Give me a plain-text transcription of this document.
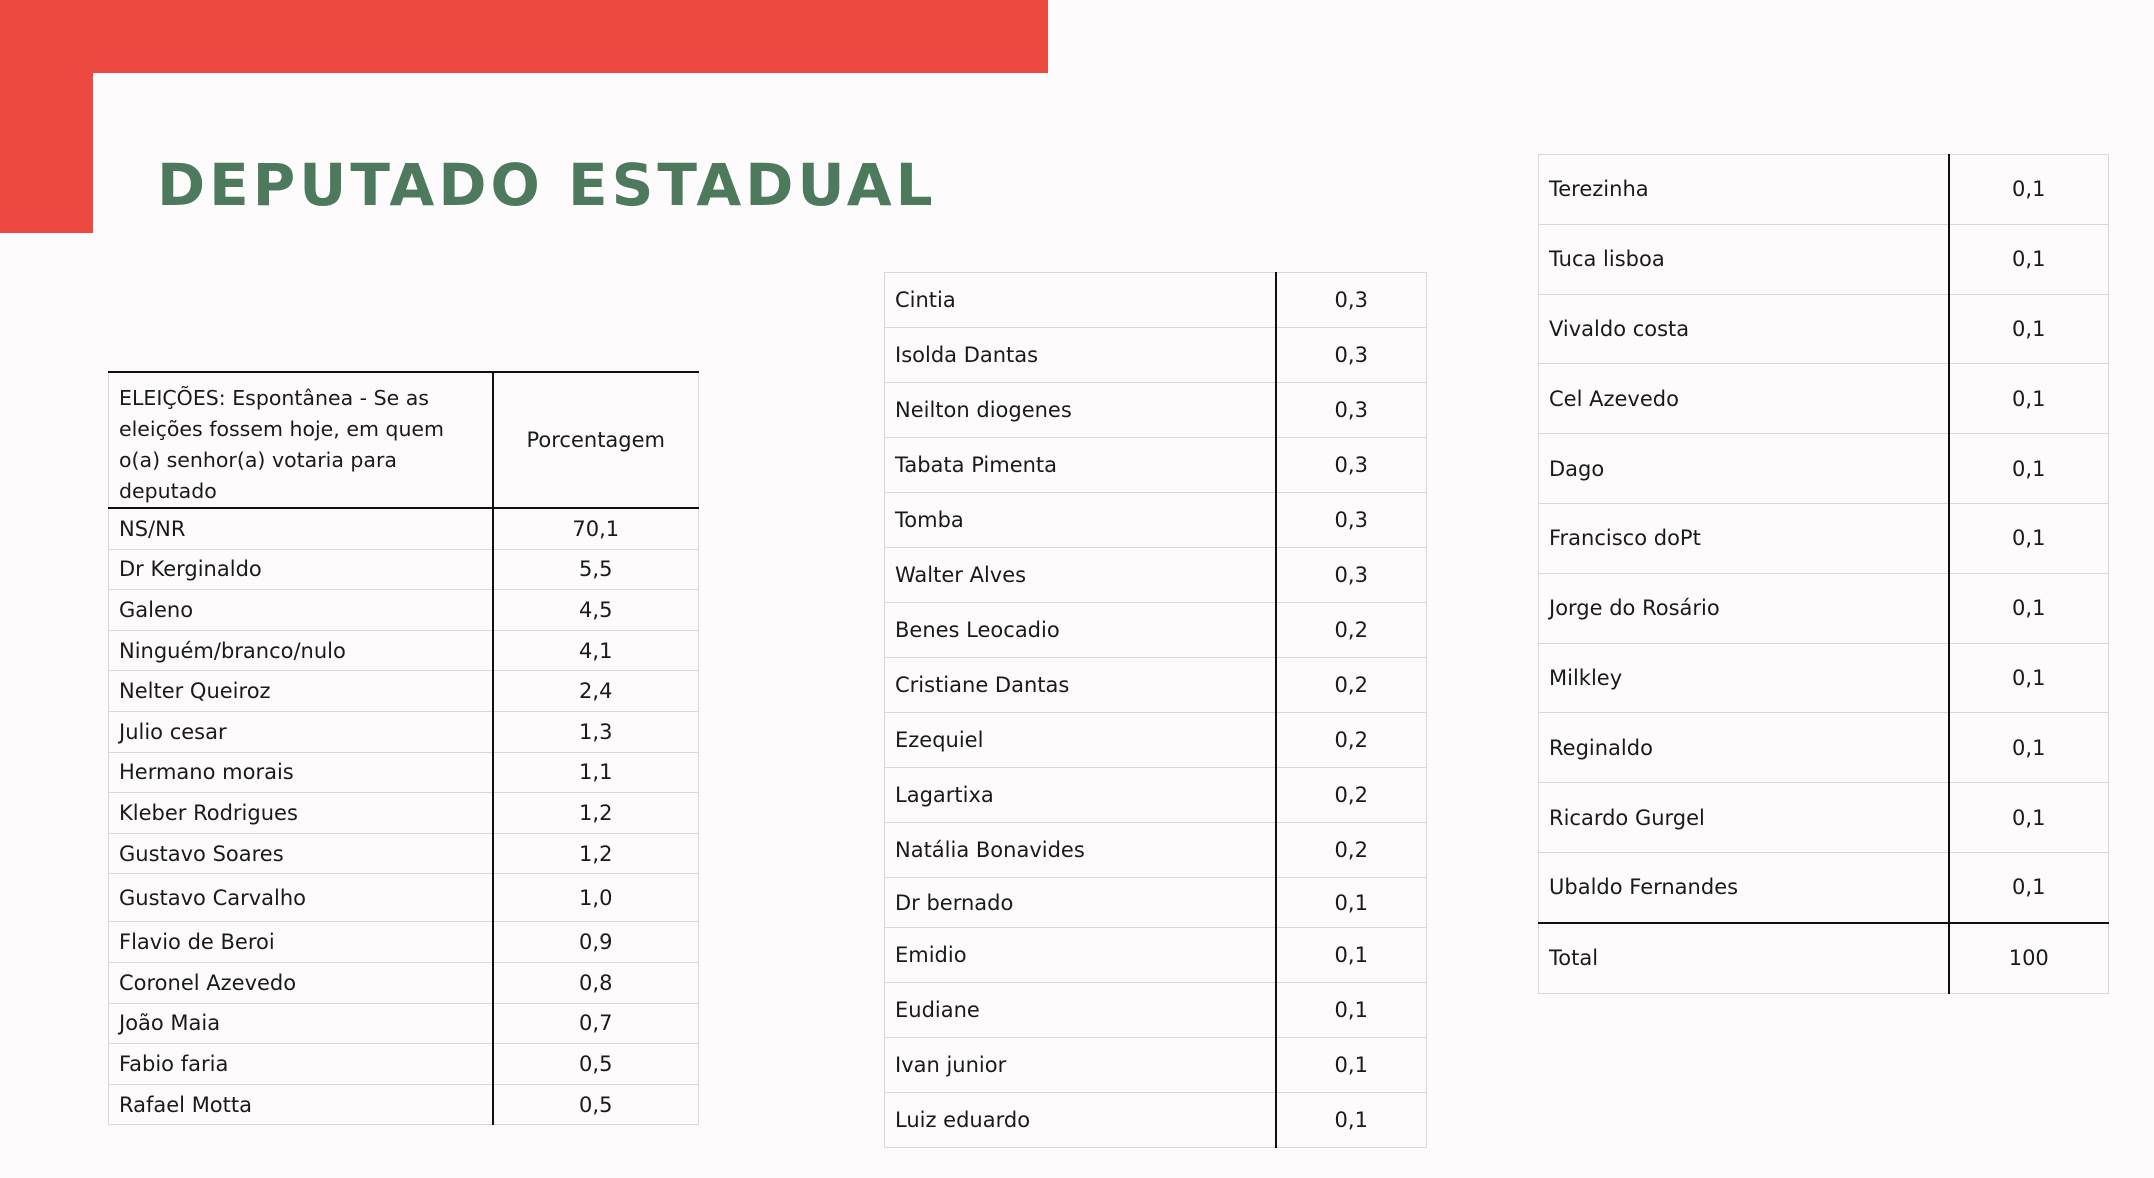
DEPUTADO ESTADUAL
ELEIÇÕES: Espontânea - Se as eleições fossem hoje, em quem o(a) senhor(a) votaria para deputado	Porcentagem
NS/NR	70,1
Dr Kerginaldo	5,5
Galeno	4,5
Ninguém/branco/nulo	4,1
Nelter Queiroz	2,4
Julio cesar	1,3
Hermano morais	1,1
Kleber Rodrigues	1,2
Gustavo Soares	1,2
Gustavo Carvalho	1,0
Flavio de Beroi	0,9
Coronel Azevedo	0,8
João Maia	0,7
Fabio faria	0,5
Rafael Motta	0,5
Cintia	0,3
Isolda Dantas	0,3
Neilton diogenes	0,3
Tabata Pimenta	0,3
Tomba	0,3
Walter Alves	0,3
Benes Leocadio	0,2
Cristiane Dantas	0,2
Ezequiel	0,2
Lagartixa	0,2
Natália Bonavides	0,2
Dr bernado	0,1
Emidio	0,1
Eudiane	0,1
Ivan junior	0,1
Luiz eduardo	0,1
Terezinha	0,1
Tuca lisboa	0,1
Vivaldo costa	0,1
Cel Azevedo	0,1
Dago	0,1
Francisco doPt	0,1
Jorge do Rosário	0,1
Milkley	0,1
Reginaldo	0,1
Ricardo Gurgel	0,1
Ubaldo Fernandes	0,1
Total	100
